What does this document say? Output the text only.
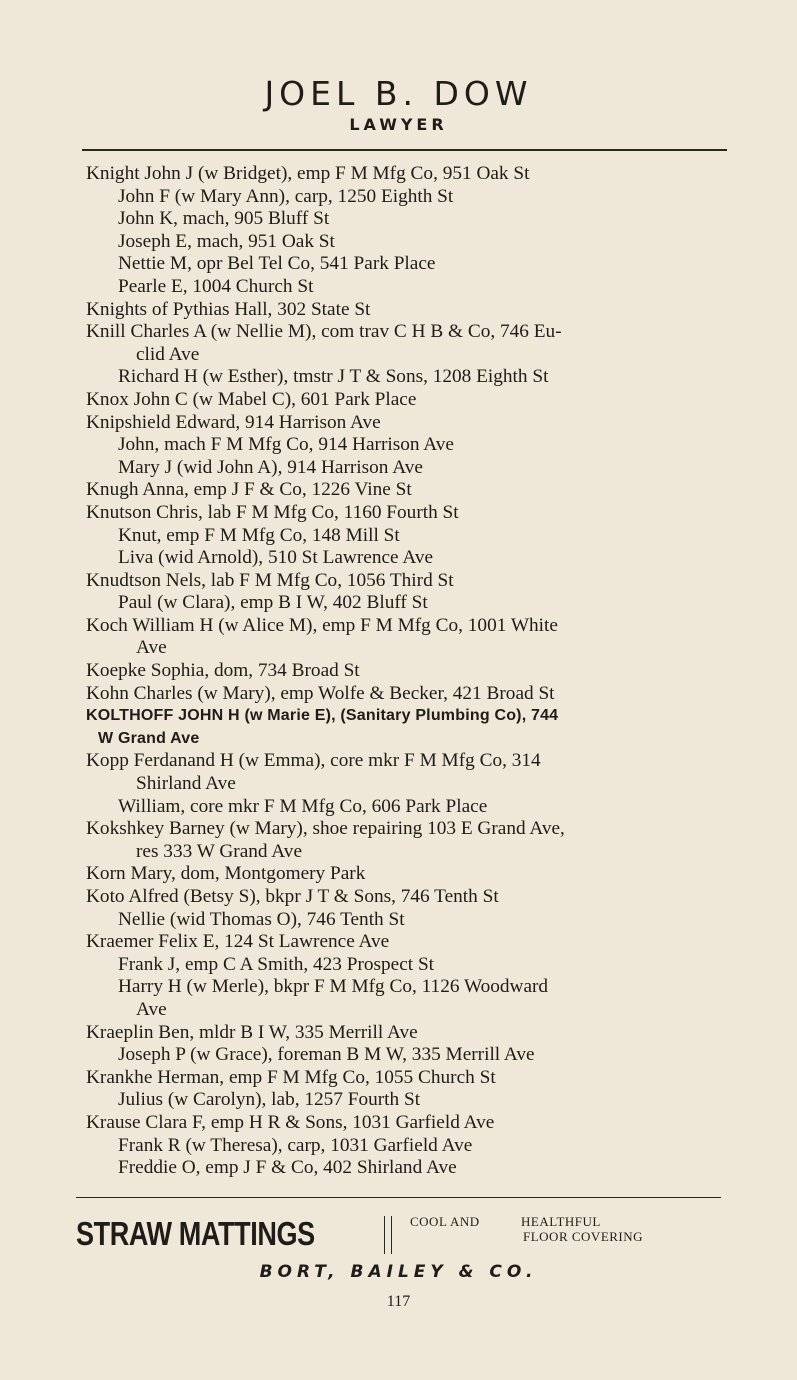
JOEL B. DOW
LAWYER
Knight John J (w Bridget), emp F M Mfg Co, 951 Oak St
John F (w Mary Ann), carp, 1250 Eighth St
John K, mach, 905 Bluff St
Joseph E, mach, 951 Oak St
Nettie M, opr Bel Tel Co, 541 Park Place
Pearle E, 1004 Church St
Knights of Pythias Hall, 302 State St
Knill Charles A (w Nellie M), com trav C H B & Co, 746 Eu-
clid Ave
Richard H (w Esther), tmstr J T & Sons, 1208 Eighth St
Knox John C (w Mabel C), 601 Park Place
Knipshield Edward, 914 Harrison Ave
John, mach F M Mfg Co, 914 Harrison Ave
Mary J (wid John A), 914 Harrison Ave
Knugh Anna, emp J F & Co, 1226 Vine St
Knutson Chris, lab F M Mfg Co, 1160 Fourth St
Knut, emp F M Mfg Co, 148 Mill St
Liva (wid Arnold), 510 St Lawrence Ave
Knudtson Nels, lab F M Mfg Co, 1056 Third St
Paul (w Clara), emp B I W, 402 Bluff St
Koch William H (w Alice M), emp F M Mfg Co, 1001 White
Ave
Koepke Sophia, dom, 734 Broad St
Kohn Charles (w Mary), emp Wolfe & Becker, 421 Broad St
KOLTHOFF JOHN H (w Marie E), (Sanitary Plumbing Co), 744
W Grand Ave
Kopp Ferdanand H (w Emma), core mkr F M Mfg Co, 314
Shirland Ave
William, core mkr F M Mfg Co, 606 Park Place
Kokshkey Barney (w Mary), shoe repairing 103 E Grand Ave,
res 333 W Grand Ave
Korn Mary, dom, Montgomery Park
Koto Alfred (Betsy S), bkpr J T & Sons, 746 Tenth St
Nellie (wid Thomas O), 746 Tenth St
Kraemer Felix E, 124 St Lawrence Ave
Frank J, emp C A Smith, 423 Prospect St
Harry H (w Merle), bkpr F M Mfg Co, 1126 Woodward
Ave
Kraeplin Ben, mldr B I W, 335 Merrill Ave
Joseph P (w Grace), foreman B M W, 335 Merrill Ave
Krankhe Herman, emp F M Mfg Co, 1055 Church St
Julius (w Carolyn), lab, 1257 Fourth St
Krause Clara F, emp H R & Sons, 1031 Garfield Ave
Frank R (w Theresa), carp, 1031 Garfield Ave
Freddie O, emp J F & Co, 402 Shirland Ave
STRAW MATTINGS	COOL AND	HEALTHFUL
FLOOR COVERING
BORT, BAILEY & CO.
117
